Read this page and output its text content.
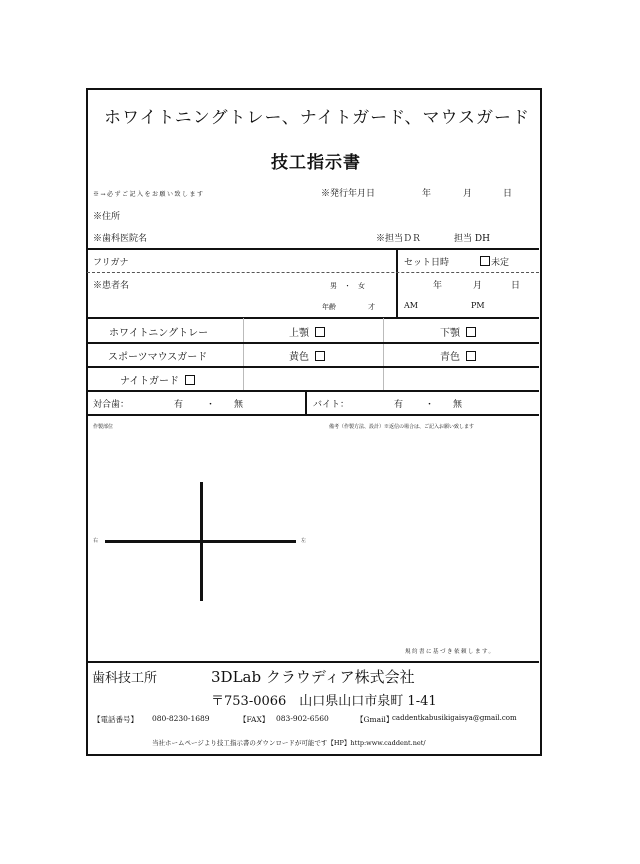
ホワイトニングトレー、ナイトガード、マウスガード
技工指示書
※→必ずご記入をお願い致します	※発行年月日	年	月	日
※住所
※歯科医院名	※担当ＤＲ	担当 DH
フリガナ	セット日時	未定
※患者名	男　・　女
年齢	才
年	月	日
AM	PM
ホワイトニングトレー	上顎	下顎
スポーツマウスガード	黄色	青色
ナイトガード
対合歯：	有	・ 無	バイト：	有 ・ 無
作製部位	備考（作製方法、設計）※返信の場合は、ご記入お願い致します
右	左
規約書に基づき依頼します。
歯科技工所	3DLab クラウディア株式会社
〒753-0066　山口県山口市泉町 1-41
【電話番号】 080-8230-1689	【FAX】 083-902-6560	【Gmail】
caddentkabusikigaisya@gmail.com
当社ホームページより技工指示書のダウンロードが可能です【HP】http:www.caddent.net/
